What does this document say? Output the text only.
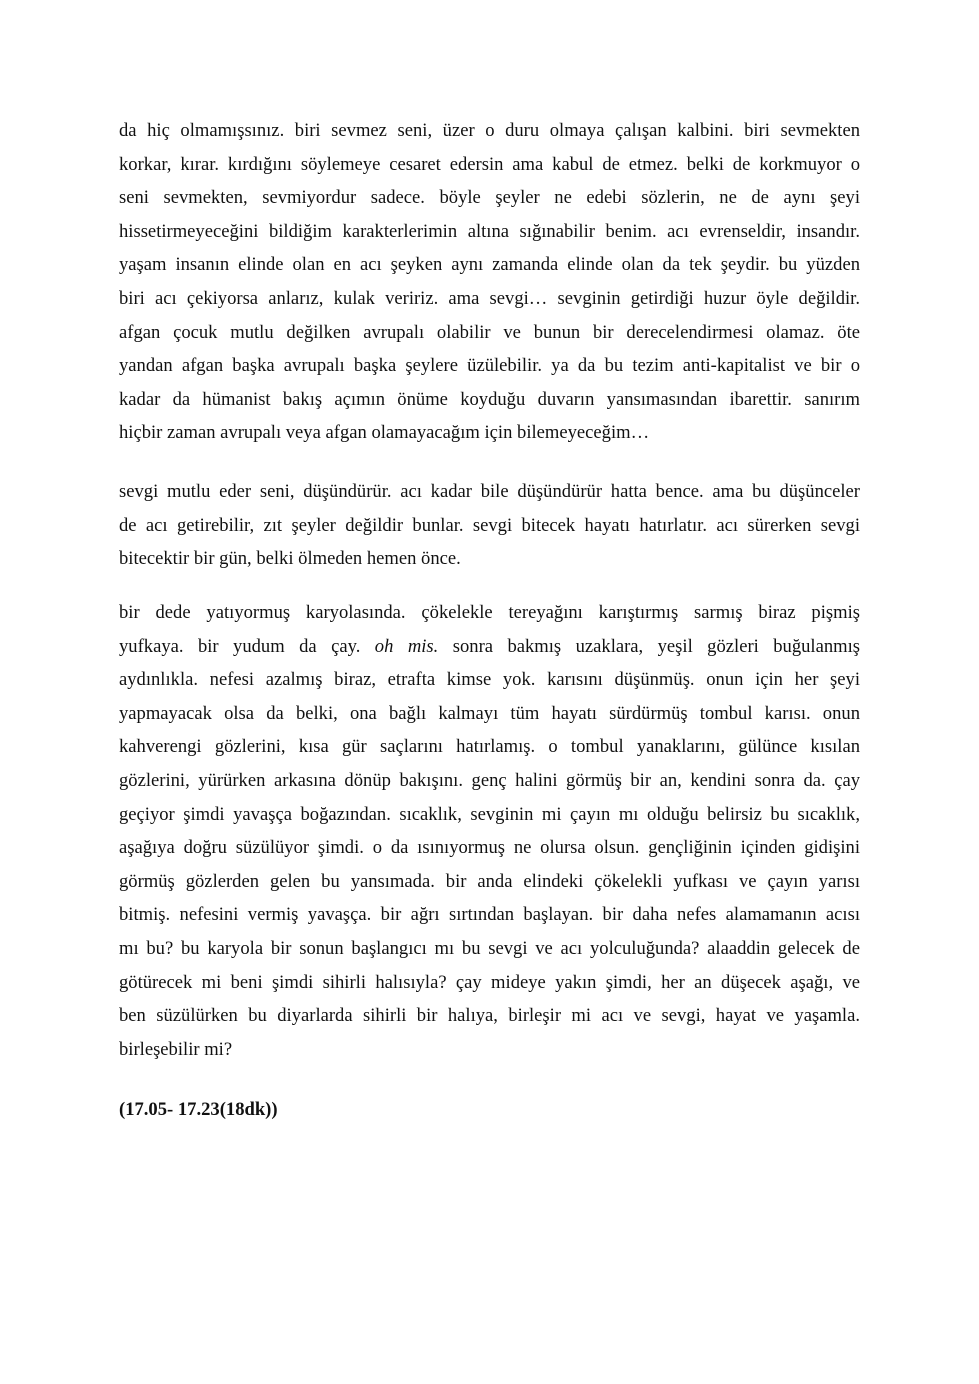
da hiç olmamışsınız. biri sevmez seni, üzer o duru olmaya çalışan kalbini. biri sevmekten
korkar, kırar. kırdığını söylemeye cesaret edersin ama kabul de etmez. belki de korkmuyor o
seni sevmekten, sevmiyordur sadece. böyle şeyler ne edebi sözlerin, ne de aynı şeyi
hissetirmeyeceğini bildiğim karakterlerimin altına sığınabilir benim. acı evrenseldir, insandır.
yaşam insanın elinde olan en acı şeyken aynı zamanda elinde olan da tek şeydir. bu yüzden
biri acı çekiyorsa anlarız, kulak veririz. ama sevgi… sevginin getirdiği huzur öyle değildir.
afgan çocuk mutlu değilken avrupalı olabilir ve bunun bir derecelendirmesi olamaz. öte
yandan afgan başka avrupalı başka şeylere üzülebilir. ya da bu tezim anti-kapitalist ve bir o
kadar da hümanist bakış açımın önüme koyduğu duvarın yansımasından ibarettir. sanırım
hiçbir zaman avrupalı veya afgan olamayacağım için bilemeyeceğim…
sevgi mutlu eder seni, düşündürür. acı kadar bile düşündürür hatta bence. ama bu düşünceler
de acı getirebilir, zıt şeyler değildir bunlar. sevgi bitecek hayatı hatırlatır. acı sürerken sevgi
bitecektir bir gün, belki ölmeden hemen önce.
bir dede yatıyormuş karyolasında. çökelekle tereyağını karıştırmış sarmış biraz pişmiş
yufkaya. bir yudum da çay. oh mis. sonra bakmış uzaklara, yeşil gözleri buğulanmış
aydınlıkla. nefesi azalmış biraz, etrafta kimse yok. karısını düşünmüş. onun için her şeyi
yapmayacak olsa da belki, ona bağlı kalmayı tüm hayatı sürdürmüş tombul karısı. onun
kahverengi gözlerini, kısa gür saçlarını hatırlamış. o tombul yanaklarını, gülünce kısılan
gözlerini, yürürken arkasına dönüp bakışını. genç halini görmüş bir an, kendini sonra da. çay
geçiyor şimdi yavaşça boğazından. sıcaklık, sevginin mi çayın mı olduğu belirsiz bu sıcaklık,
aşağıya doğru süzülüyor şimdi. o da ısınıyormuş ne olursa olsun. gençliğinin içinden gidişini
görmüş gözlerden gelen bu yansımada. bir anda elindeki çökelekli yufkası ve çayın yarısı
bitmiş. nefesini vermiş yavaşça. bir ağrı sırtından başlayan. bir daha nefes alamamanın acısı
mı bu? bu karyola bir sonun başlangıcı mı bu sevgi ve acı yolculuğunda? alaaddin gelecek de
götürecek mi beni şimdi sihirli halısıyla? çay mideye yakın şimdi, her an düşecek aşağı, ve
ben süzülürken bu diyarlarda sihirli bir halıya, birleşir mi acı ve sevgi, hayat ve yaşamla.
birleşebilir mi?
(17.05- 17.23(18dk))
